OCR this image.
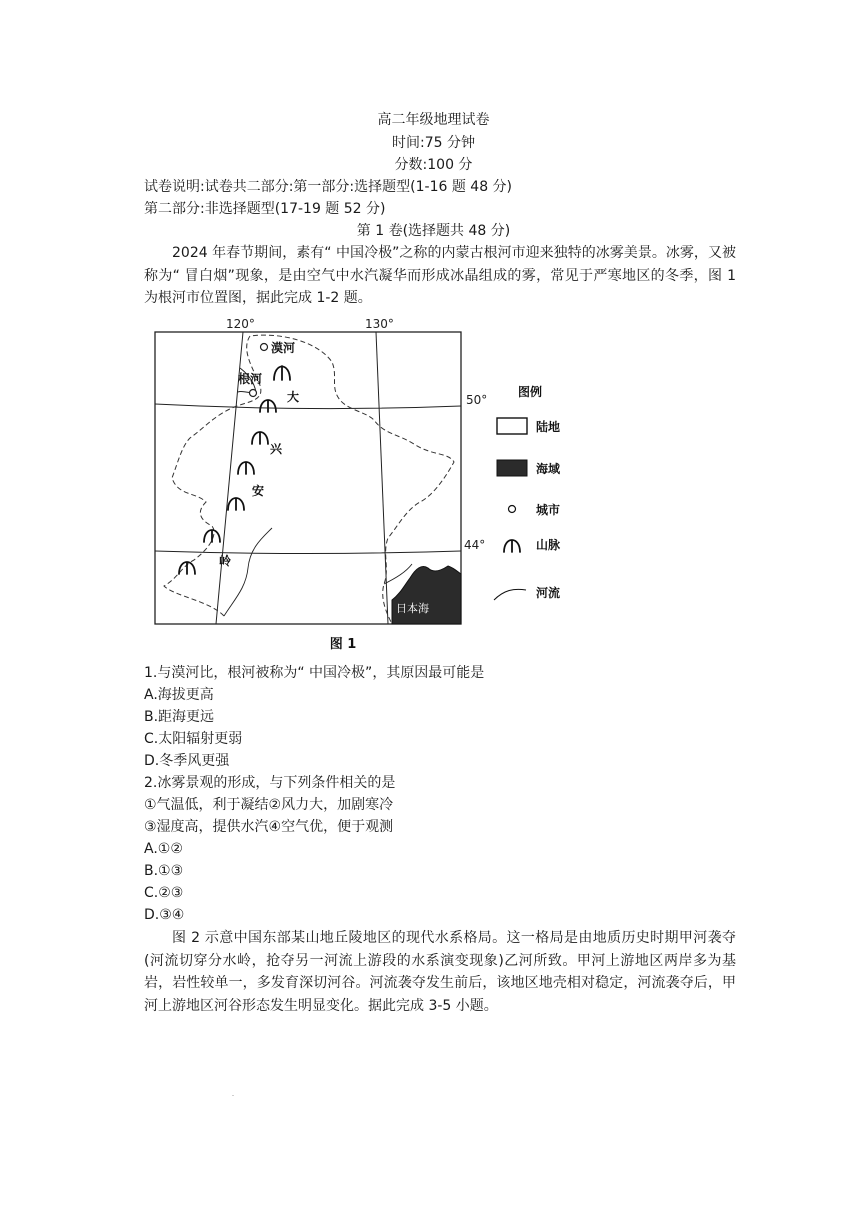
高二年级地理试卷
时间:75 分钟
分数:100 分
试卷说明:试卷共二部分:第一部分:选择题型(1-16 题 48 分)
第二部分:非选择题型(17-19 题 52 分)
第 1 卷(选择题共 48 分)
2024 年春节期间，素有“ 中国冷极”之称的内蒙古根河市迎来独特的冰雾美景。冰雾，又被称为“ 冒白烟”现象，是由空气中水汽凝华而形成冰晶组成的雾，常见于严寒地区的冬季，图 1 为根河市位置图，据此完成 1-2 题。
120°	130°
50°
44°
日本海
漠河
根河
大
兴
安
岭
图 1
图例
陆地
海域
城市
山脉
河流
1.与漠河比，根河被称为“ 中国冷极”，其原因最可能是
A.海拔更高
B.距海更远
C.太阳辐射更弱
D.冬季风更强
2.冰雾景观的形成，与下列条件相关的是
①气温低，利于凝结②风力大，加剧寒冷
③湿度高，提供水汽④空气优，便于观测
A.①②
B.①③
C.②③
D.③④
图 2 示意中国东部某山地丘陵地区的现代水系格局。这一格局是由地质历史时期甲河袭夺(河流切穿分水岭，抢夺另一河流上游段的水系演变现象)乙河所致。甲河上游地区两岸多为基岩，岩性较单一，多发育深切河谷。河流袭夺发生前后，该地区地壳相对稳定，河流袭夺后，甲河上游地区河谷形态发生明显变化。据此完成 3-5 小题。
